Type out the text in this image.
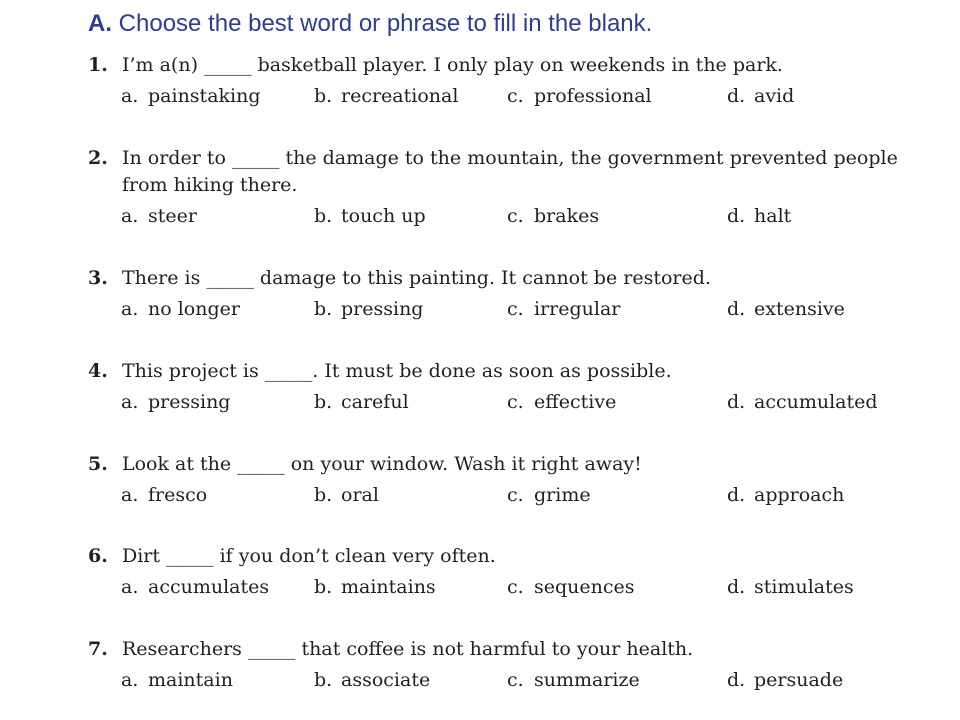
A. Choose the best word or phrase to fill in the blank.
1. I’m a(n) _____ basketball player. I only play on weekends in the park.
a. painstaking	b. recreational	c. professional	d. avid
2. In order to _____ the damage to the mountain, the government prevented people from hiking there.
a. steer	b. touch up	c. brakes	d. halt
3. There is _____ damage to this painting. It cannot be restored.
a. no longer	b. pressing	c. irregular	d. extensive
4. This project is _____. It must be done as soon as possible.
a. pressing	b. careful	c. effective	d. accumulated
5. Look at the _____ on your window. Wash it right away!
a. fresco	b. oral	c. grime	d. approach
6. Dirt _____ if you don’t clean very often.
a. accumulates b. maintains	c. sequences	d. stimulates
7. Researchers _____ that coffee is not harmful to your health.
a. maintain	b. associate	c. summarize	d. persuade
